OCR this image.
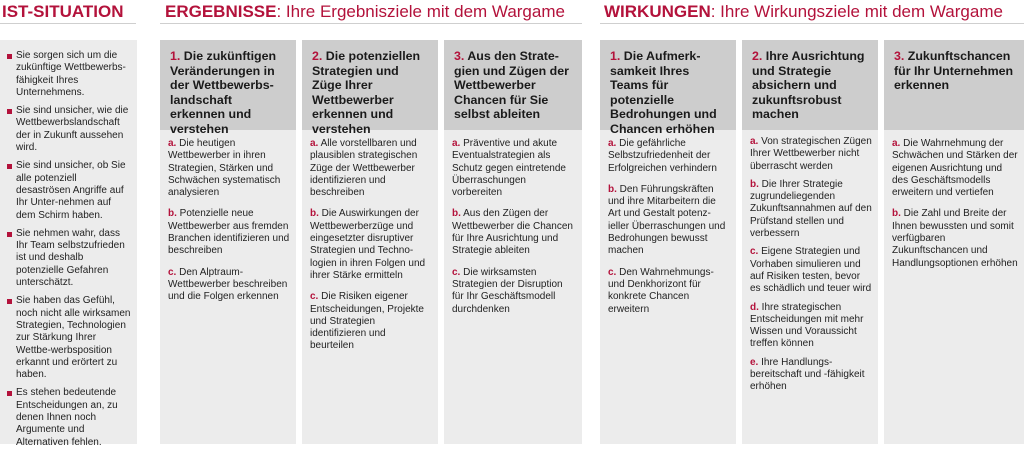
IST-SITUATION ERGEBNISSE: Ihre Ergebnisziele mit dem Wargame WIRKUNGEN: Ihre Wirkungsziele mit dem Wargame
Sie sorgen sich um die zukünftige Wettbewerbs-fähigkeit Ihres Unternehmens.
Sie sind unsicher, wie die Wettbewerbslandschaft der in Zukunft aussehen wird.
Sie sind unsicher, ob Sie alle potenziell desaströsen Angriffe auf Ihr Unter-nehmen auf dem Schirm haben.
Sie nehmen wahr, dass Ihr Team selbstzufrieden ist und deshalb potenzielle Gefahren unterschätzt.
Sie haben das Gefühl, noch nicht alle wirksamen Strategien, Technologien zur Stärkung Ihrer Wettbe-werbsposition erkannt und erörtert zu haben.
Es stehen bedeutende Entscheidungen an, zu denen Ihnen noch Argumente und Alternativen fehlen.
1. Die zukünftigen Veränderungen in der Wettbewerbs-landschaft erkennen und verstehen
a. Die heutigen Wettbewerber in ihren Strategien, Stärken und Schwächen systematisch analysieren
b. Potenzielle neue Wettbewerber aus fremden Branchen identifizieren und beschreiben
c. Den Alptraum-Wettbewerber beschreiben und die Folgen erkennen
2. Die potenziellen Strategien und Züge Ihrer Wettbewerber erkennen und verstehen
a. Alle vorstellbaren und plausiblen strategischen Züge der Wettbewerber identifizieren und beschreiben
b. Die Auswirkungen der Wettbewerberzüge und eingesetzter disruptiver Strategien und Techno-logien in ihren Folgen und ihrer Stärke ermitteln
c. Die Risiken eigener Entscheidungen, Projekte und Strategien identifizieren und beurteilen
3. Aus den Strate-gien und Zügen der Wettbewerber Chancen für Sie selbst ableiten
a. Präventive und akute Eventualstrategien als Schutz gegen eintretende Überraschungen vorbereiten
b. Aus den Zügen der Wettbewerber die Chancen für Ihre Ausrichtung und Strategie ableiten
c. Die wirksamsten Strategien der Disruption für Ihr Geschäftsmodell durchdenken
1. Die Aufmerk-samkeit Ihres Teams für potenzielle Bedrohungen und Chancen erhöhen
a. Die gefährliche Selbstzufriedenheit der Erfolgreichen verhindern
b. Den Führungskräften und ihre Mitarbeitern die Art und Gestalt potenz-ieller Überraschungen und Bedrohungen bewusst machen
c. Den Wahrnehmungs- und Denkhorizont für konkrete Chancen erweitern
2. Ihre Ausrichtung und Strategie absichern und zukunftsrobust machen
a. Von strategischen Zügen Ihrer Wettbewerber nicht überrascht werden
b. Die Ihrer Strategie zugrundeliegenden Zukunftsannahmen auf den Prüfstand stellen und verbessern
c. Eigene Strategien und Vorhaben simulieren und auf Risiken testen, bevor es schädlich und teuer wird
d. Ihre strategischen Entscheidungen mit mehr Wissen und Voraussicht treffen können
e. Ihre Handlungs-bereitschaft und -fähigkeit erhöhen
3. Zukunftschancen für Ihr Unternehmen erkennen
a. Die Wahrnehmung der Schwächen und Stärken der eigenen Ausrichtung und des Geschäftsmodells erweitern und vertiefen
b. Die Zahl und Breite der Ihnen bewussten und somit verfügbaren Zukunftschancen und Handlungsoptionen erhöhen
